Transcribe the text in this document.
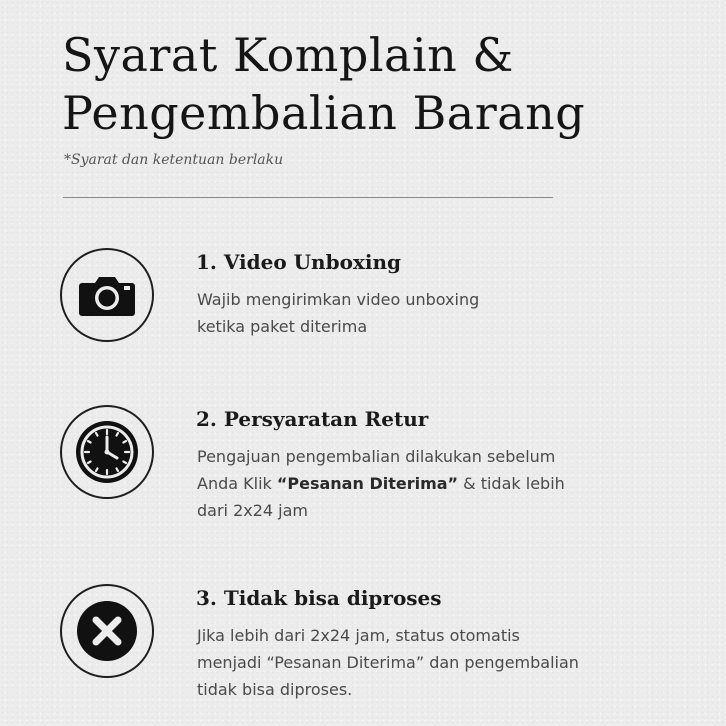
Syarat Komplain & Pengembalian Barang
*Syarat dan ketentuan berlaku
1. Video Unboxing
Wajib mengirimkan video unboxing
ketika paket diterima
2. Persyaratan Retur
Pengajuan pengembalian dilakukan sebelum
Anda Klik “Pesanan Diterima” & tidak lebih
dari 2x24 jam
3. Tidak bisa diproses
Jika lebih dari 2x24 jam, status otomatis
menjadi “Pesanan Diterima” dan pengembalian
tidak bisa diproses.
